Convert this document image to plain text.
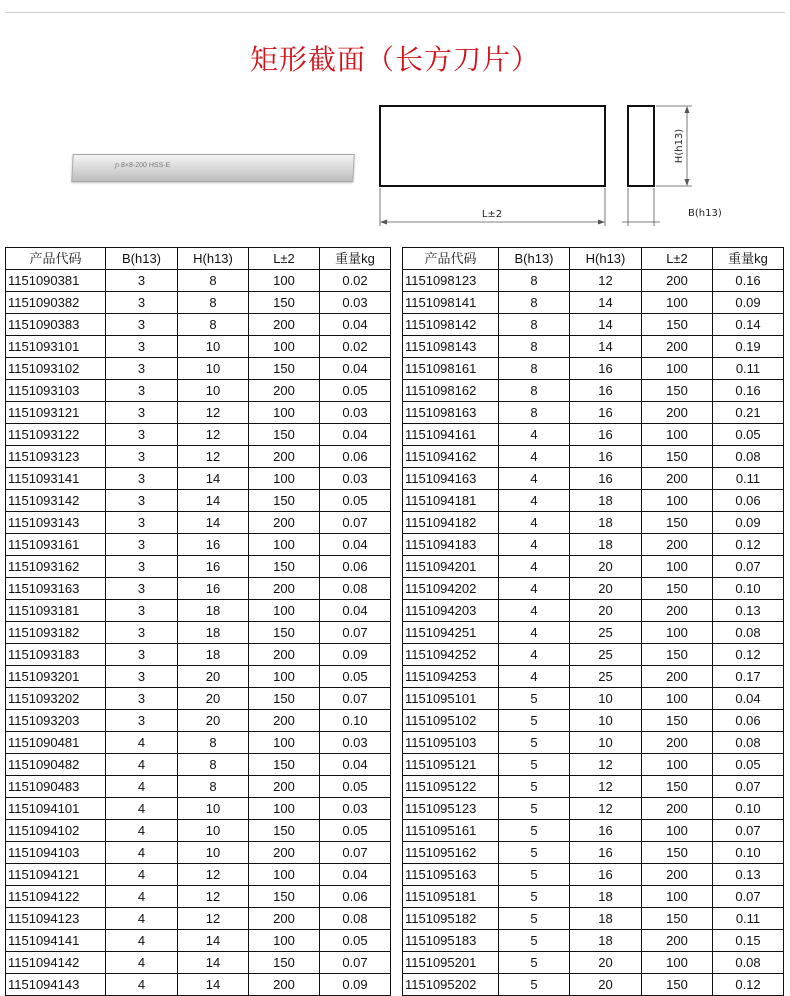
矩形截面（长方刀片）
ɲ 8×8-200 HSS-E
L±2
H(h13)
B(h13)
产品代码	B(h13)	H(h13)	L±2	重量kg
1151090381	3	8	100	0.02
1151090382	3	8	150	0.03
1151090383	3	8	200	0.04
1151093101	3	10	100	0.02
1151093102	3	10	150	0.04
1151093103	3	10	200	0.05
1151093121	3	12	100	0.03
1151093122	3	12	150	0.04
1151093123	3	12	200	0.06
1151093141	3	14	100	0.03
1151093142	3	14	150	0.05
1151093143	3	14	200	0.07
1151093161	3	16	100	0.04
1151093162	3	16	150	0.06
1151093163	3	16	200	0.08
1151093181	3	18	100	0.04
1151093182	3	18	150	0.07
1151093183	3	18	200	0.09
1151093201	3	20	100	0.05
1151093202	3	20	150	0.07
1151093203	3	20	200	0.10
1151090481	4	8	100	0.03
1151090482	4	8	150	0.04
1151090483	4	8	200	0.05
1151094101	4	10	100	0.03
1151094102	4	10	150	0.05
1151094103	4	10	200	0.07
1151094121	4	12	100	0.04
1151094122	4	12	150	0.06
1151094123	4	12	200	0.08
1151094141	4	14	100	0.05
1151094142	4	14	150	0.07
1151094143	4	14	200	0.09
产品代码	B(h13)	H(h13)	L±2	重量kg
1151098123	8	12	200	0.16
1151098141	8	14	100	0.09
1151098142	8	14	150	0.14
1151098143	8	14	200	0.19
1151098161	8	16	100	0.11
1151098162	8	16	150	0.16
1151098163	8	16	200	0.21
1151094161	4	16	100	0.05
1151094162	4	16	150	0.08
1151094163	4	16	200	0.11
1151094181	4	18	100	0.06
1151094182	4	18	150	0.09
1151094183	4	18	200	0.12
1151094201	4	20	100	0.07
1151094202	4	20	150	0.10
1151094203	4	20	200	0.13
1151094251	4	25	100	0.08
1151094252	4	25	150	0.12
1151094253	4	25	200	0.17
1151095101	5	10	100	0.04
1151095102	5	10	150	0.06
1151095103	5	10	200	0.08
1151095121	5	12	100	0.05
1151095122	5	12	150	0.07
1151095123	5	12	200	0.10
1151095161	5	16	100	0.07
1151095162	5	16	150	0.10
1151095163	5	16	200	0.13
1151095181	5	18	100	0.07
1151095182	5	18	150	0.11
1151095183	5	18	200	0.15
1151095201	5	20	100	0.08
1151095202	5	20	150	0.12
